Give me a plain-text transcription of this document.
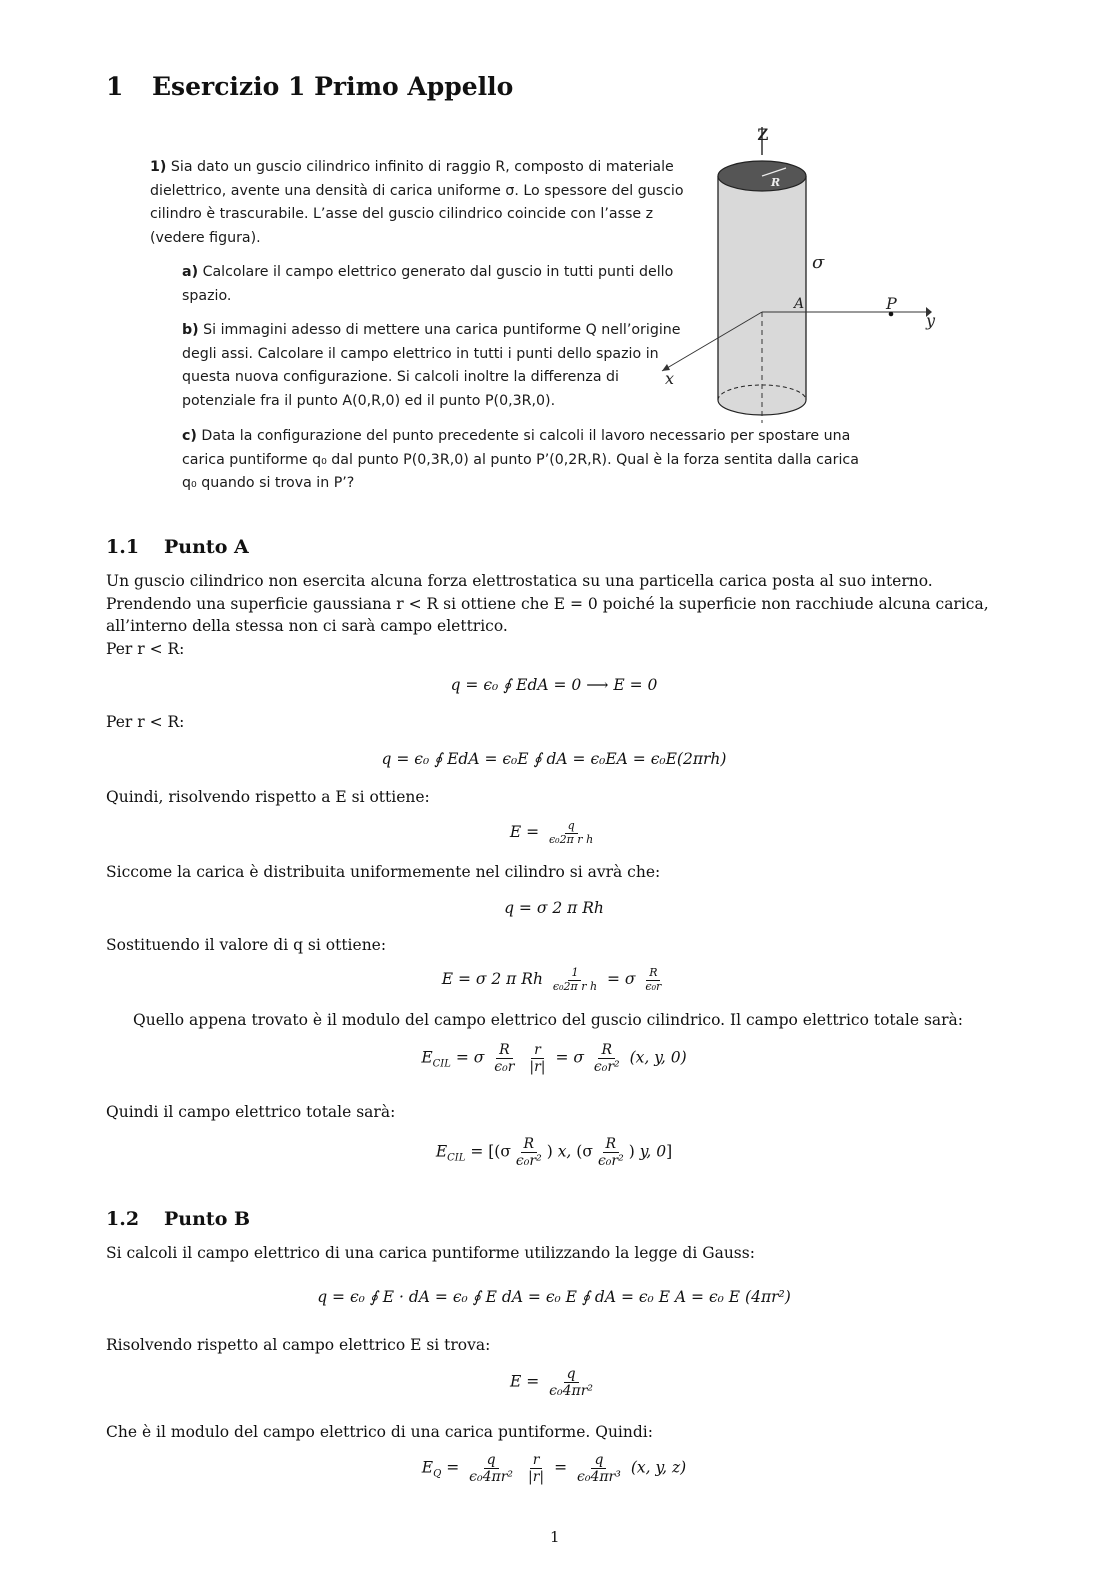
1 Esercizio 1 Primo Appello
1) Sia dato un guscio cilindrico infinito di raggio R, composto di materiale
dielettrico, avente una densità di carica uniforme σ. Lo spessore del guscio
cilindro è trascurabile. L’asse del guscio cilindrico coincide con l’asse z
(vedere figura).
a) Calcolare il campo elettrico generato dal guscio in tutti punti dello
spazio.
b) Si immagini adesso di mettere una carica puntiforme Q nell’origine
degli assi. Calcolare il campo elettrico in tutti i punti dello spazio in
questa nuova configurazione. Si calcoli inoltre la differenza di
potenziale fra il punto A(0,R,0) ed il punto P(0,3R,0).
c) Data la configurazione del punto precedente si calcoli il lavoro necessario per spostare una
carica puntiforme q₀ dal punto P(0,3R,0) al punto P’(0,2R,R). Qual è la forza sentita dalla carica
q₀ quando si trova in P’?
R
z
y
x
A	P
σ
1.1 Punto A
Un guscio cilindrico non esercita alcuna forza elettrostatica su una particella carica posta al suo interno.
Prendendo una superficie gaussiana r < R si ottiene che E = 0 poiché la superficie non racchiude alcuna carica,
all’interno della stessa non ci sarà campo elettrico.
Per r < R:
q = ϵ₀ ∮ EdA = 0 ⟶ E = 0
Per r < R:
q = ϵ₀ ∮ EdA = ϵ₀E ∮ dA = ϵ₀EA = ϵ₀E(2πrh)
Quindi, risolvendo rispetto a E si ottiene:
$E = \frac{q}{\text{ϵ₀2π r h}}$
Siccome la carica è distribuita uniformemente nel cilindro si avrà che:
q = σ 2 π Rh
Sostituendo il valore di q si ottiene:
E = σ 2 π Rh $\frac{1}{\text{ϵ₀2π r h}} = \sigma \frac{R}{\text{ϵ₀r}}$
Quello appena trovato è il modulo del campo elettrico del guscio cilindrico. Il campo elettrico totale sarà:
$E_{CIL} = \sigma \frac{R}{\text{ϵ₀r}}$
$\frac{r}{|r|} = \sigma \frac{R}{\text{ϵ₀r²}} (x$, y, 0)
Quindi il campo elettrico totale sarà:
$E_{CIL} = [(\sigma \frac{R}{\text{ϵ₀r²}}$ ) x, ($\sigma \frac{R}{\text{ϵ₀r²}}$ ) y, 0]
1.2 Punto B
Si calcoli il campo elettrico di una carica puntiforme utilizzando la legge di Gauss:
q = ϵ₀ ∮ E · dA = ϵ₀ ∮ E dA = ϵ₀ E ∮ dA = ϵ₀ E A = ϵ₀ E (4πr²)
Risolvendo rispetto al campo elettrico E si trova:
$E = \frac{q}{\text{ϵ₀4πr²}}$
Che è il modulo del campo elettrico di una carica puntiforme. Quindi:
$E_Q = \frac{q}{\text{ϵ₀4πr²}}$
$\frac{r}{|r|} = \frac{q}{\text{ϵ₀4πr³}} (x$, y, z)
1
